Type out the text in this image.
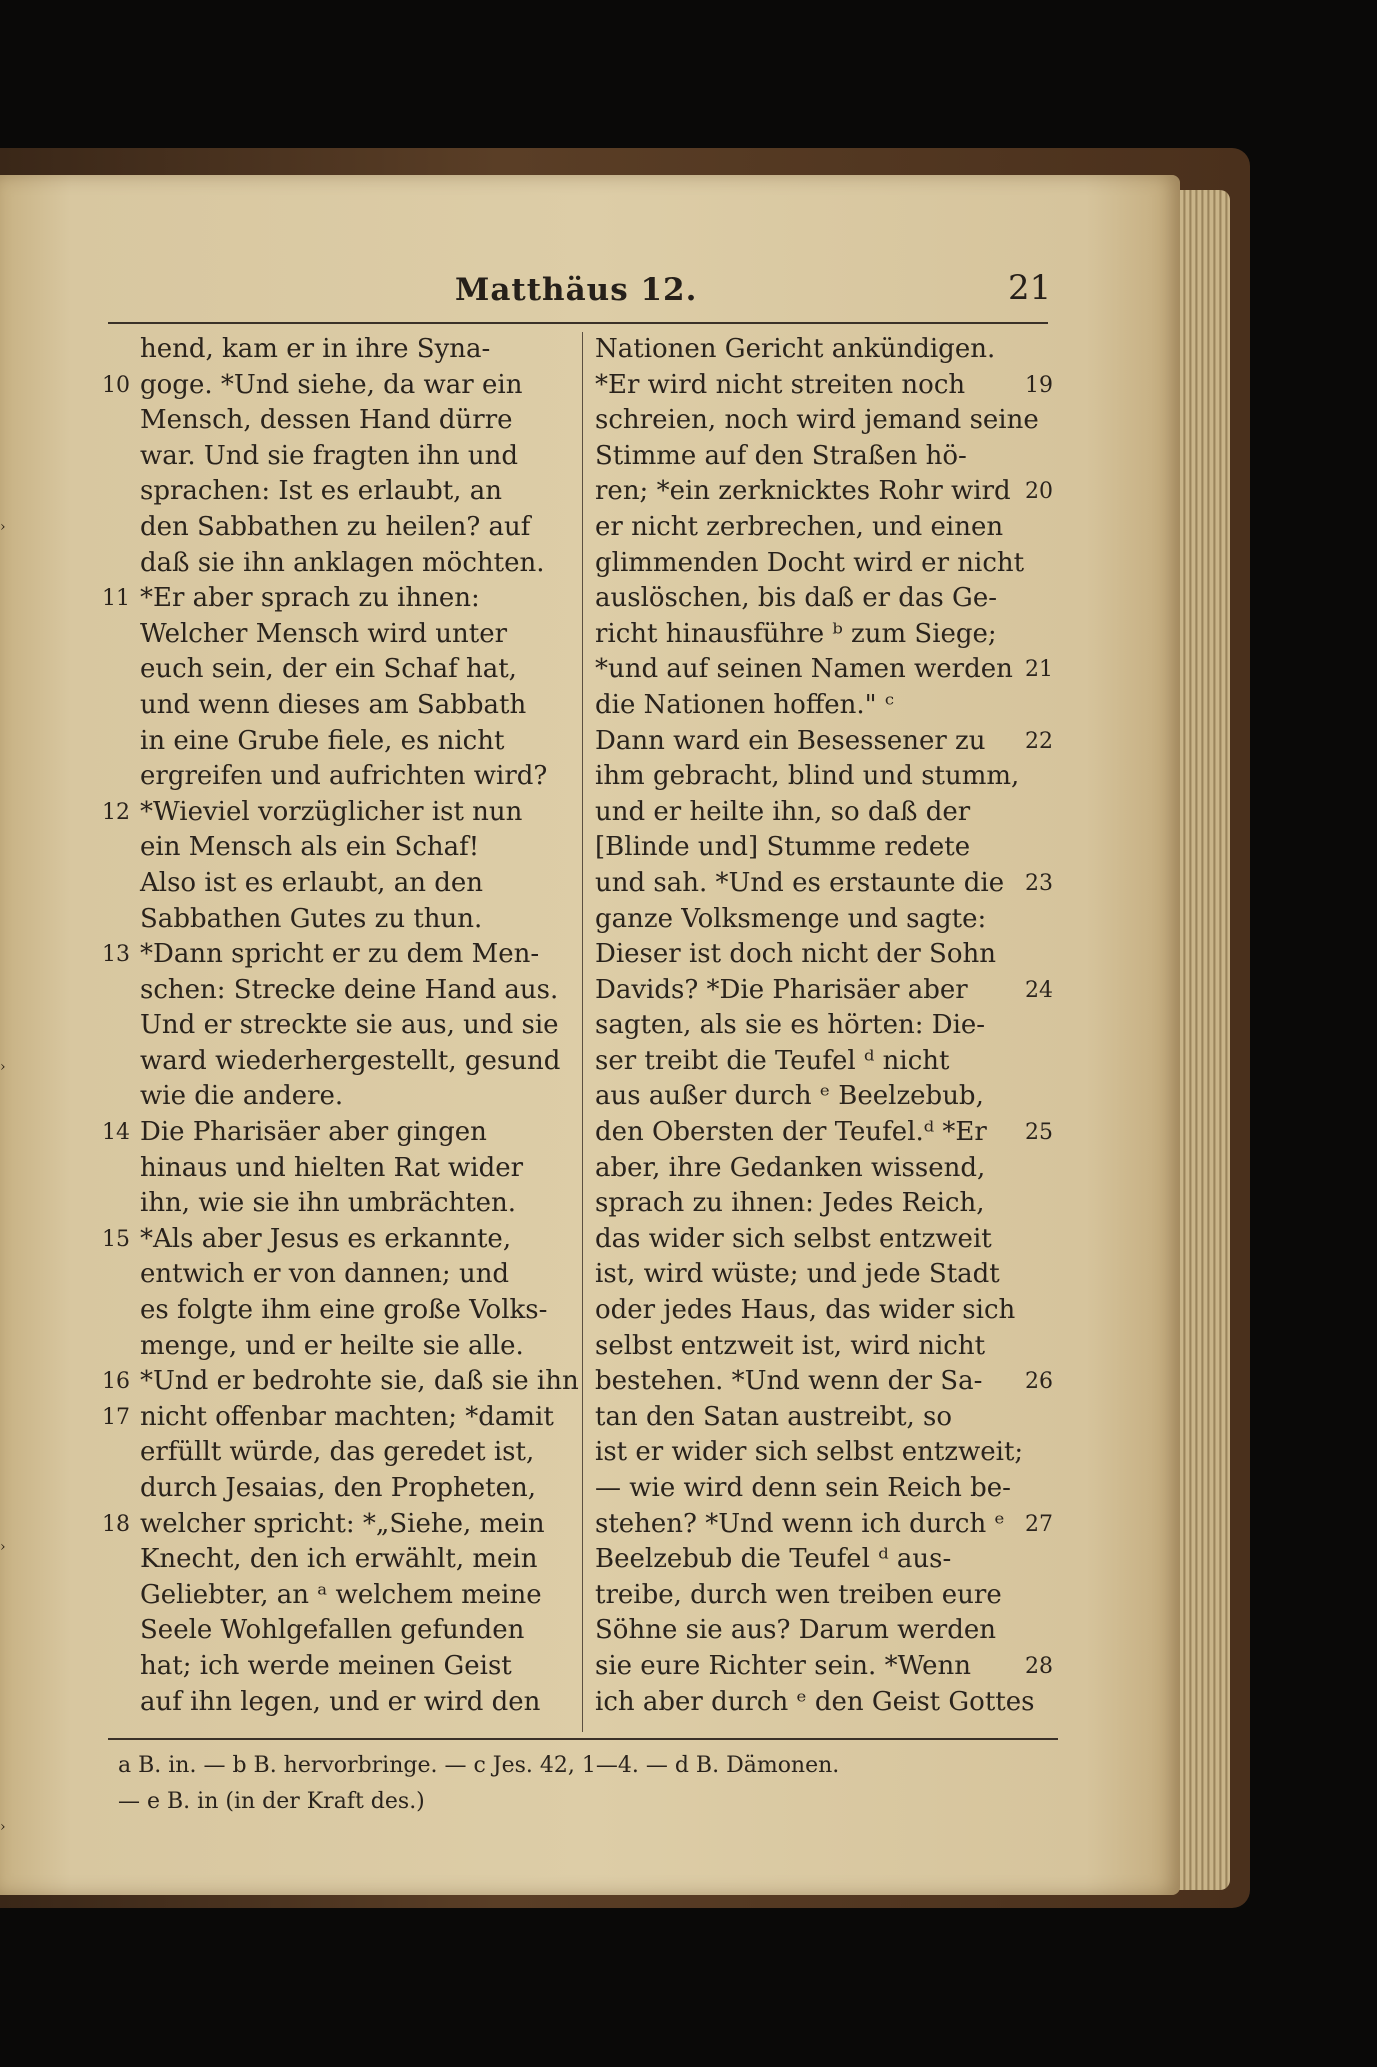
›
›
›
›
Matthäus 12.	21
hend, kam er in ihre Syna-
goge. *Und siehe, da war ein
10
Mensch, dessen Hand dürre
war. Und sie fragten ihn und
sprachen: Ist es erlaubt, an
den Sabbathen zu heilen? auf
daß sie ihn anklagen möchten.
*Er aber sprach zu ihnen:
11
Welcher Mensch wird unter
euch sein, der ein Schaf hat,
und wenn dieses am Sabbath
in eine Grube fiele, es nicht
ergreifen und aufrichten wird?
*Wieviel vorzüglicher ist nun
12
ein Mensch als ein Schaf!
Also ist es erlaubt, an den
Sabbathen Gutes zu thun.
*Dann spricht er zu dem Men-
13
schen: Strecke deine Hand aus.
Und er streckte sie aus, und sie
ward wiederhergestellt, gesund
wie die andere.
Die Pharisäer aber gingen
14
hinaus und hielten Rat wider
ihn, wie sie ihn umbrächten.
*Als aber Jesus es erkannte,
15
entwich er von dannen; und
es folgte ihm eine große Volks-
menge, und er heilte sie alle.
*Und er bedrohte sie, daß sie ihn
16
nicht offenbar machten; *damit
17
erfüllt würde, das geredet ist,
durch Jesaias, den Propheten,
welcher spricht: *„Siehe, mein
18
Knecht, den ich erwählt, mein
Geliebter, an ᵃ welchem meine
Seele Wohlgefallen gefunden
hat; ich werde meinen Geist
auf ihn legen, und er wird den
Nationen Gericht ankündigen.
*Er wird nicht streiten noch	19
schreien, noch wird jemand seine
Stimme auf den Straßen hö-
ren; *ein zerknicktes Rohr wird 20
er nicht zerbrechen, und einen
glimmenden Docht wird er nicht
auslöschen, bis daß er das Ge-
richt hinausführe ᵇ zum Siege;
*und auf seinen Namen werden 21
die Nationen hoffen." ᶜ
Dann ward ein Besessener zu 22
ihm gebracht, blind und stumm,
und er heilte ihn, so daß der
[Blinde und] Stumme redete
und sah. *Und es erstaunte die 23
ganze Volksmenge und sagte:
Dieser ist doch nicht der Sohn
Davids? *Die Pharisäer aber	24
sagten, als sie es hörten: Die-
ser treibt die Teufel ᵈ nicht
aus außer durch ᵉ Beelzebub,
den Obersten der Teufel.ᵈ *Er 25
aber, ihre Gedanken wissend,
sprach zu ihnen: Jedes Reich,
das wider sich selbst entzweit
ist, wird wüste; und jede Stadt
oder jedes Haus, das wider sich
selbst entzweit ist, wird nicht
bestehen. *Und wenn der Sa- 26
tan den Satan austreibt, so
ist er wider sich selbst entzweit;
— wie wird denn sein Reich be-
stehen? *Und wenn ich durch ᵉ 27
Beelzebub die Teufel ᵈ aus-
treibe, durch wen treiben eure
Söhne sie aus? Darum werden
sie eure Richter sein. *Wenn 28
ich aber durch ᵉ den Geist Gottes
a B. in. — b B. hervorbringe. — c Jes. 42, 1—4. — d B. Dämonen.
— e B. in (in der Kraft des.)
